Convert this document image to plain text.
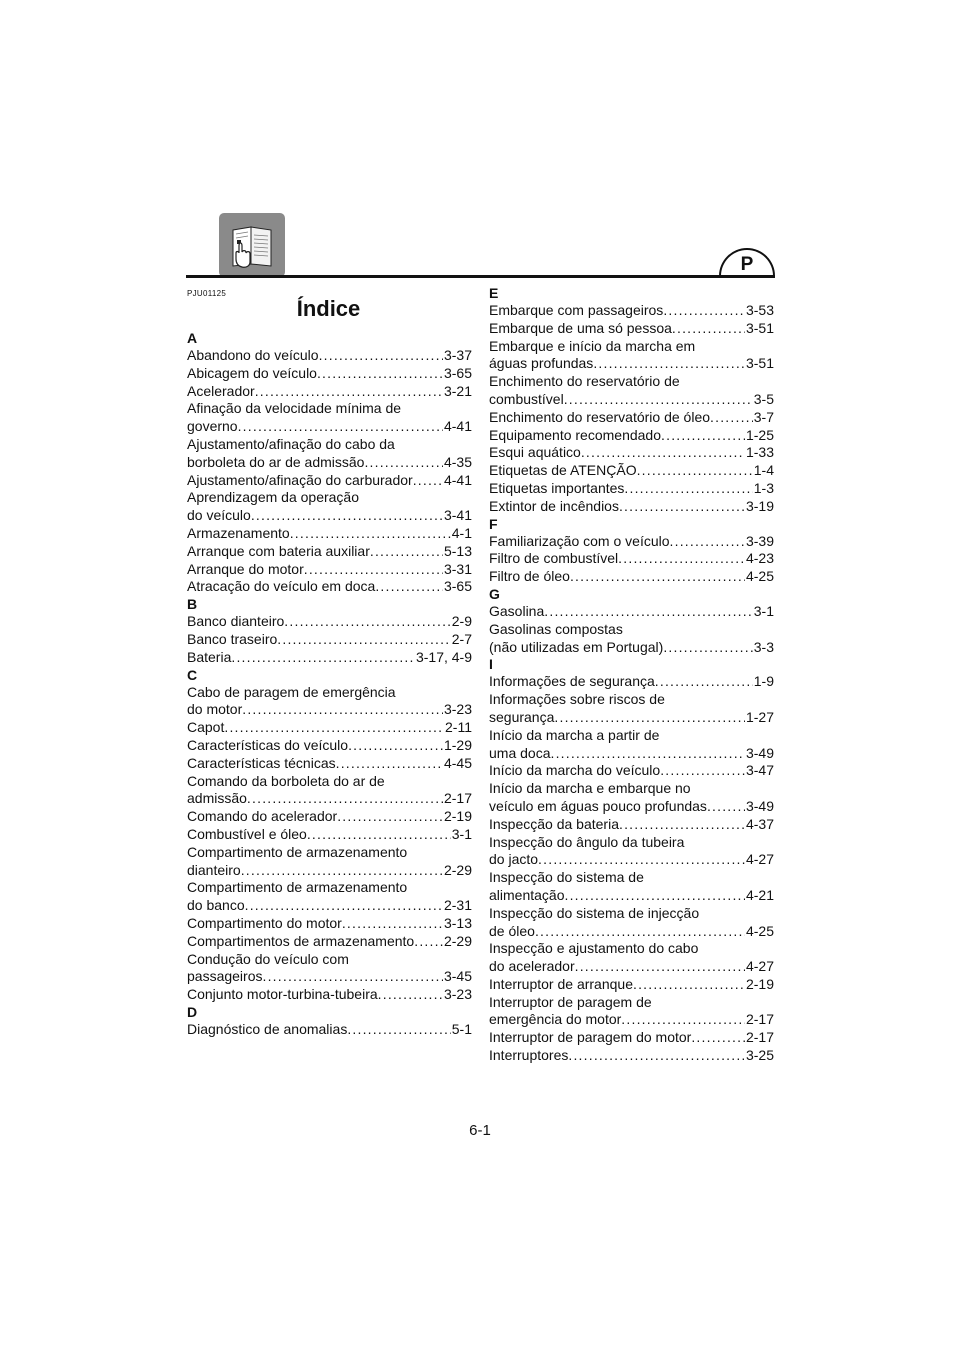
P
PJU01125
Índice
A
Abandono do veículo .....	3-37
Abicagem do veículo .....	3-65
Acelerador .....	3-21
Afinação da velocidade mínima de
governo .....	4-41
Ajustamento/afinação do cabo da
borboleta do ar de admissão .....	4-35
Ajustamento/afinação do carburador ..... 4-41
Aprendizagem da operação
do veículo .....	3-41
Armazenamento .....	4-1
Arranque com bateria auxiliar .....	5-13
Arranque do motor .....	3-31
Atracação do veículo em doca .....	3-65
B
Banco dianteiro .....	2-9
Banco traseiro .....	2-7
Bateria .....	3-17, 4-9
C
Cabo de paragem de emergência
do motor .....	3-23
Capot .....	2-11
Características do veículo .....	1-29
Características técnicas .....	4-45
Comando da borboleta do ar de
admissão .....	2-17
Comando do acelerador .....	2-19
Combustível e óleo .....	3-1
Compartimento de armazenamento
dianteiro .....	2-29
Compartimento de armazenamento
do banco .....	2-31
Compartimento do motor .....	3-13
Compartimentos de armazenamento ..... 2-29
Condução do veículo com
passageiros .....	3-45
Conjunto motor-turbina-tubeira .....	3-23
D
Diagnóstico de anomalias .....	5-1
E
Embarque com passageiros .....	3-53
Embarque de uma só pessoa .....	3-51
Embarque e início da marcha em
águas profundas .....	3-51
Enchimento do reservatório de
combustível .....	3-5
Enchimento do reservatório de óleo .....	3-7
Equipamento recomendado .....	1-25
Esqui aquático .....	1-33
Etiquetas de ATENÇÃO .....	1-4
Etiquetas importantes .....	1-3
Extintor de incêndios .....	3-19
F
Familiarização com o veículo .....	3-39
Filtro de combustível .....	4-23
Filtro de óleo .....	4-25
G
Gasolina .....	3-1
Gasolinas compostas
(não utilizadas em Portugal) .....	3-3
I
Informações de segurança .....	1-9
Informações sobre riscos de
segurança .....	1-27
Início da marcha a partir de
uma doca .....	3-49
Início da marcha do veículo .....	3-47
Início da marcha e embarque no
veículo em águas pouco profundas .....	3-49
Inspecção da bateria .....	4-37
Inspecção do ângulo da tubeira
do jacto .....	4-27
Inspecção do sistema de
alimentação .....	4-21
Inspecção do sistema de injecção
de óleo .....	4-25
Inspecção e ajustamento do cabo
do acelerador .....	4-27
Interruptor de arranque .....	2-19
Interruptor de paragem de
emergência do motor .....	2-17
Interruptor de paragem do motor .....	2-17
Interruptores .....	3-25
6-1
